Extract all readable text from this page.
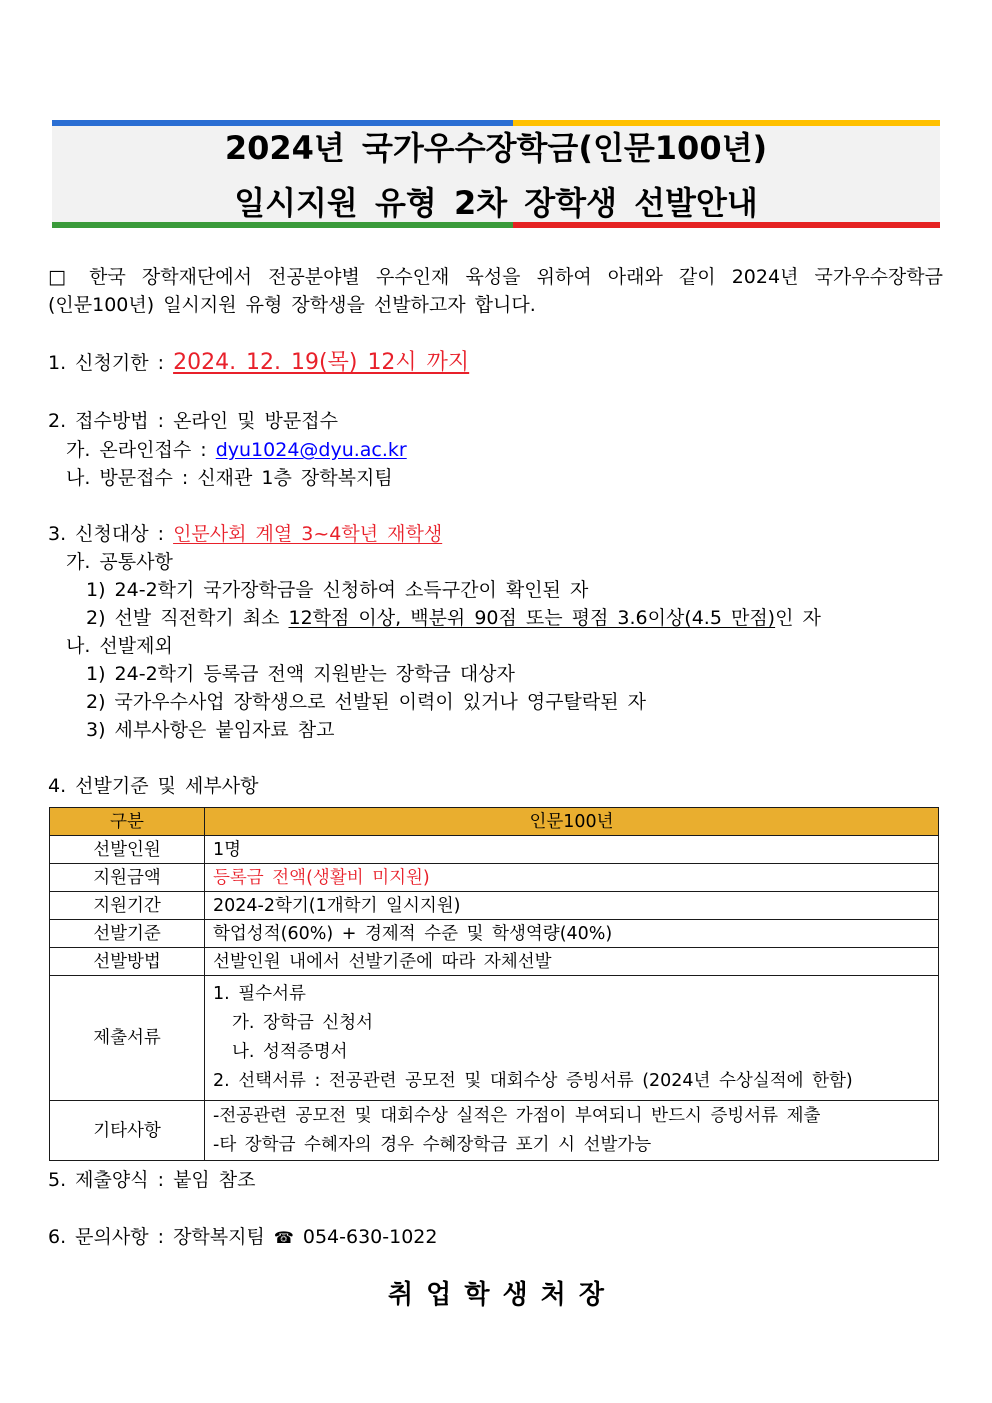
2024년 국가우수장학금(인문100년)
일시지원 유형 2차 장학생 선발안내
□ 한국 장학재단에서 전공분야별 우수인재 육성을 위하여 아래와 같이 2024년 국가우수장학금
(인문100년) 일시지원 유형 장학생을 선발하고자 합니다.
1. 신청기한 : 2024. 12. 19(목) 12시 까지
2. 접수방법 : 온라인 및 방문접수
가. 온라인접수 : dyu1024@dyu.ac.kr
나. 방문접수 : 신재관 1층 장학복지팀
3. 신청대상 : 인문사회 계열 3~4학년 재학생
가. 공통사항
1) 24-2학기 국가장학금을 신청하여 소득구간이 확인된 자
2) 선발 직전학기 최소 12학점 이상, 백분위 90점 또는 평점 3.6이상(4.5 만점)인 자
나. 선발제외
1) 24-2학기 등록금 전액 지원받는 장학금 대상자
2) 국가우수사업 장학생으로 선발된 이력이 있거나 영구탈락된 자
3) 세부사항은 붙임자료 참고
4. 선발기준 및 세부사항
구분	인문100년
선발인원	1명
지원금액	등록금 전액(생활비 미지원)
지원기간	2024-2학기(1개학기 일시지원)
선발기준	학업성적(60%) + 경제적 수준 및 학생역량(40%)
선발방법	선발인원 내에서 선발기준에 따라 자체선발
제출서류	1. 필수서류
가. 장학금 신청서
나. 성적증명서
2. 선택서류 : 전공관련 공모전 및 대회수상 증빙서류 (2024년 수상실적에 한함)

기타사항	-전공관련 공모전 및 대회수상 실적은 가점이 부여되니 반드시 증빙서류 제출
-타 장학금 수혜자의 경우 수혜장학금 포기 시 선발가능
5. 제출양식 : 붙임 참조
6. 문의사항 : 장학복지팀 ☎ 054-630-1022
취 업 학 생 처 장
